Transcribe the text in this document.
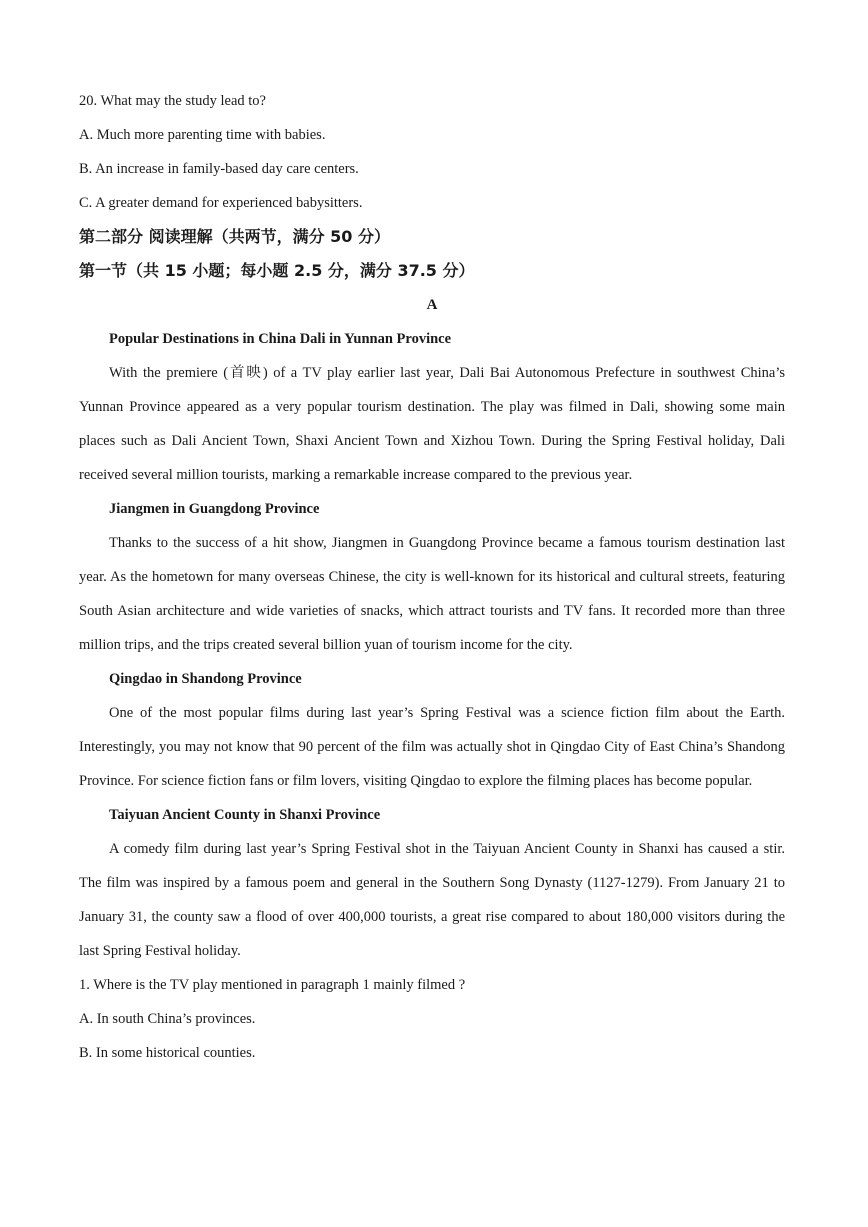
20. What may the study lead to?
A. Much more parenting time with babies.
B. An increase in family-based day care centers.
C. A greater demand for experienced babysitters.
第二部分 阅读理解（共两节，满分 50 分）
第一节（共 15 小题；每小题 2.5 分，满分 37.5 分）
A
Popular Destinations in China Dali in Yunnan Province

With the premiere (首映) of a TV play earlier last year, Dali Bai Autonomous Prefecture in southwest China’s Yunnan Province appeared as a very popular tourism destination. The play was filmed in Dali, showing some main places such as Dali Ancient Town, Shaxi Ancient Town and Xizhou Town. During the Spring Festival holiday, Dali received several million tourists, marking a remarkable increase compared to the previous year.

Jiangmen in Guangdong Province

Thanks to the success of a hit show, Jiangmen in Guangdong Province became a famous tourism destination last year. As the hometown for many overseas Chinese, the city is well-known for its historical and cultural streets, featuring South Asian architecture and wide varieties of snacks, which attract tourists and TV fans. It recorded more than three million trips, and the trips created several billion yuan of tourism income for the city.

Qingdao in Shandong Province

One of the most popular films during last year’s Spring Festival was a science fiction film about the Earth. Interestingly, you may not know that 90 percent of the film was actually shot in Qingdao City of East China’s Shandong Province. For science fiction fans or film lovers, visiting Qingdao to explore the filming places has become popular.

Taiyuan Ancient County in Shanxi Province

A comedy film during last year’s Spring Festival shot in the Taiyuan Ancient County in Shanxi has caused a stir. The film was inspired by a famous poem and general in the Southern Song Dynasty (1127-1279). From January 21 to January 31, the county saw a flood of over 400,000 tourists, a great rise compared to about 180,000 visitors during the last Spring Festival holiday.

1. Where is the TV play mentioned in paragraph 1 mainly filmed ?
A. In south China’s provinces.
B. In some historical counties.
